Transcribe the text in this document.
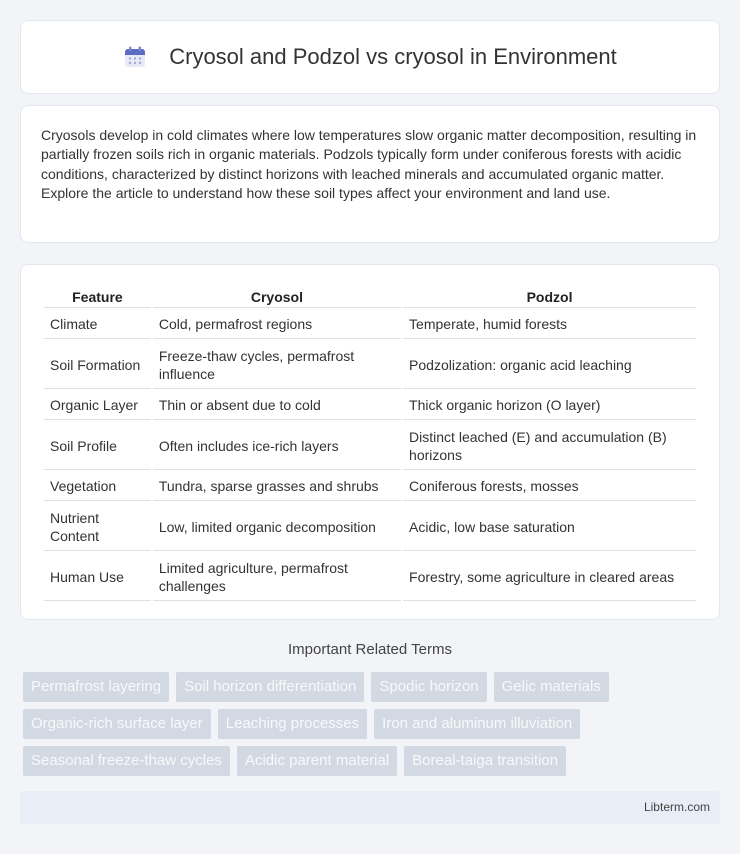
Cryosol and Podzol vs cryosol in Environment

Cryosols develop in cold climates where low temperatures slow organic matter decomposition, resulting in partially frozen soils rich in organic materials. Podzols typically form under coniferous forests with acidic conditions, characterized by distinct horizons with leached minerals and accumulated organic matter. Explore the article to understand how these soil types affect your environment and land use.

Feature	Cryosol	Podzol
Climate	Cold, permafrost regions	Temperate, humid forests
Soil Formation	Freeze-thaw cycles, permafrost influence	Podzolization: organic acid leaching
Organic Layer	Thin or absent due to cold	Thick organic horizon (O layer)
Soil Profile	Often includes ice-rich layers	Distinct leached (E) and accumulation (B) horizons
Vegetation	Tundra, sparse grasses and shrubs	Coniferous forests, mosses
Nutrient Content	Low, limited organic decomposition	Acidic, low base saturation
Human Use	Limited agriculture, permafrost challenges	Forestry, some agriculture in cleared areas
Important Related Terms
Permafrost layering	Soil horizon differentiation	Spodic horizon	Gelic materials
Organic-rich surface layer	Leaching processes	Iron and aluminum illuviation
Seasonal freeze-thaw cycles	Acidic parent material	Boreal-taiga transition
Libterm.com
